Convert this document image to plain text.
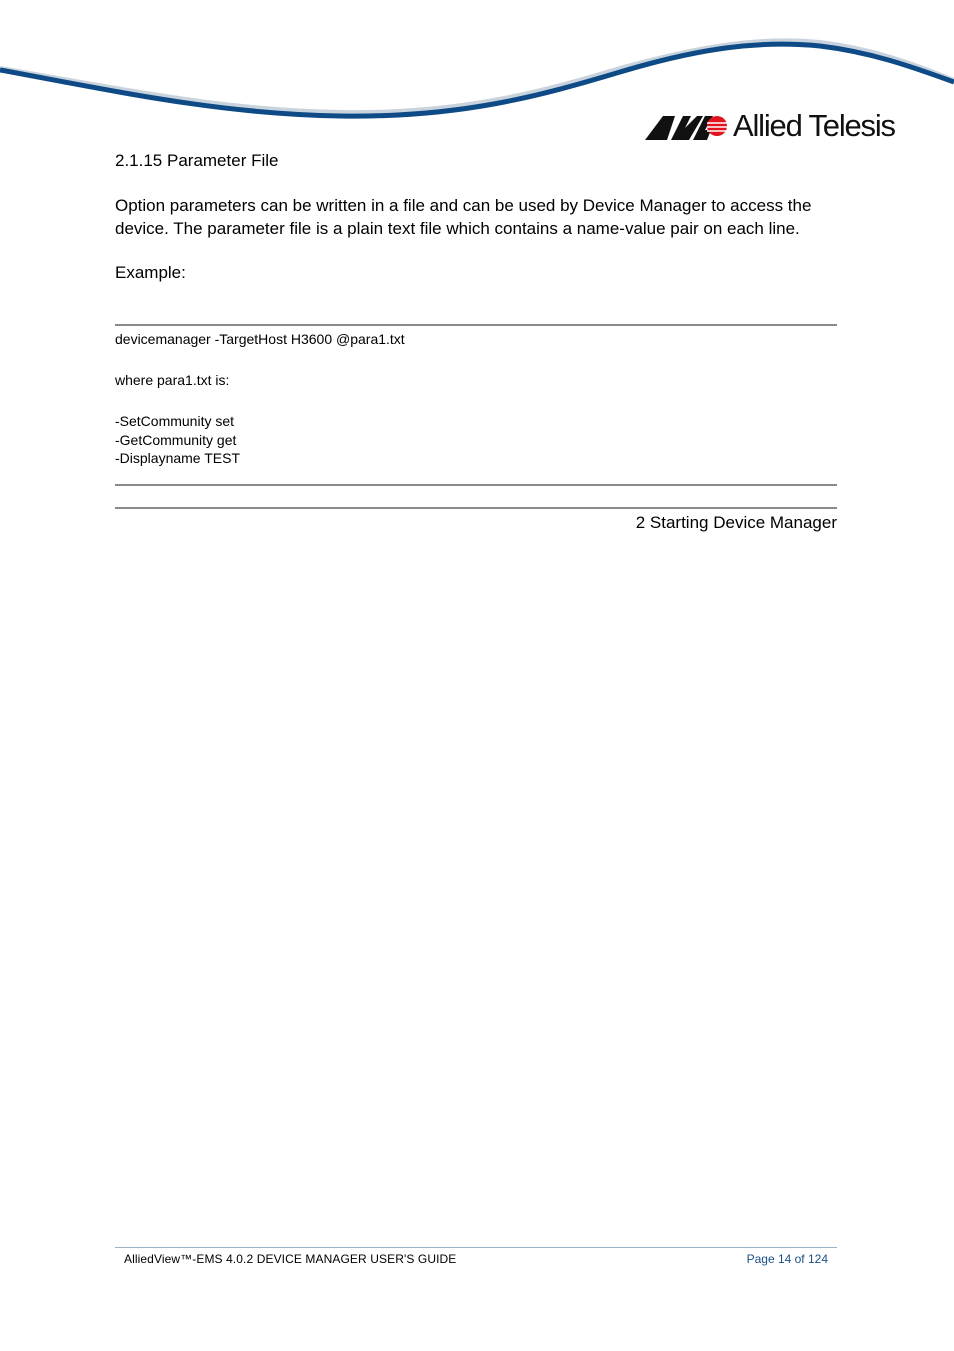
Allied Telesis
2.1.15 Parameter File
Option parameters can be written in a file and can be used by Device Manager to access the device. The parameter file is a plain text file which contains a name-value pair on each line.
Example:
devicemanager -TargetHost H3600 @para1.txt
where para1.txt is:
-SetCommunity set
-GetCommunity get
-Displayname TEST
2 Starting Device Manager
AlliedView™-EMS 4.0.2 DEVICE MANAGER USER'S GUIDE	Page 14 of 124
